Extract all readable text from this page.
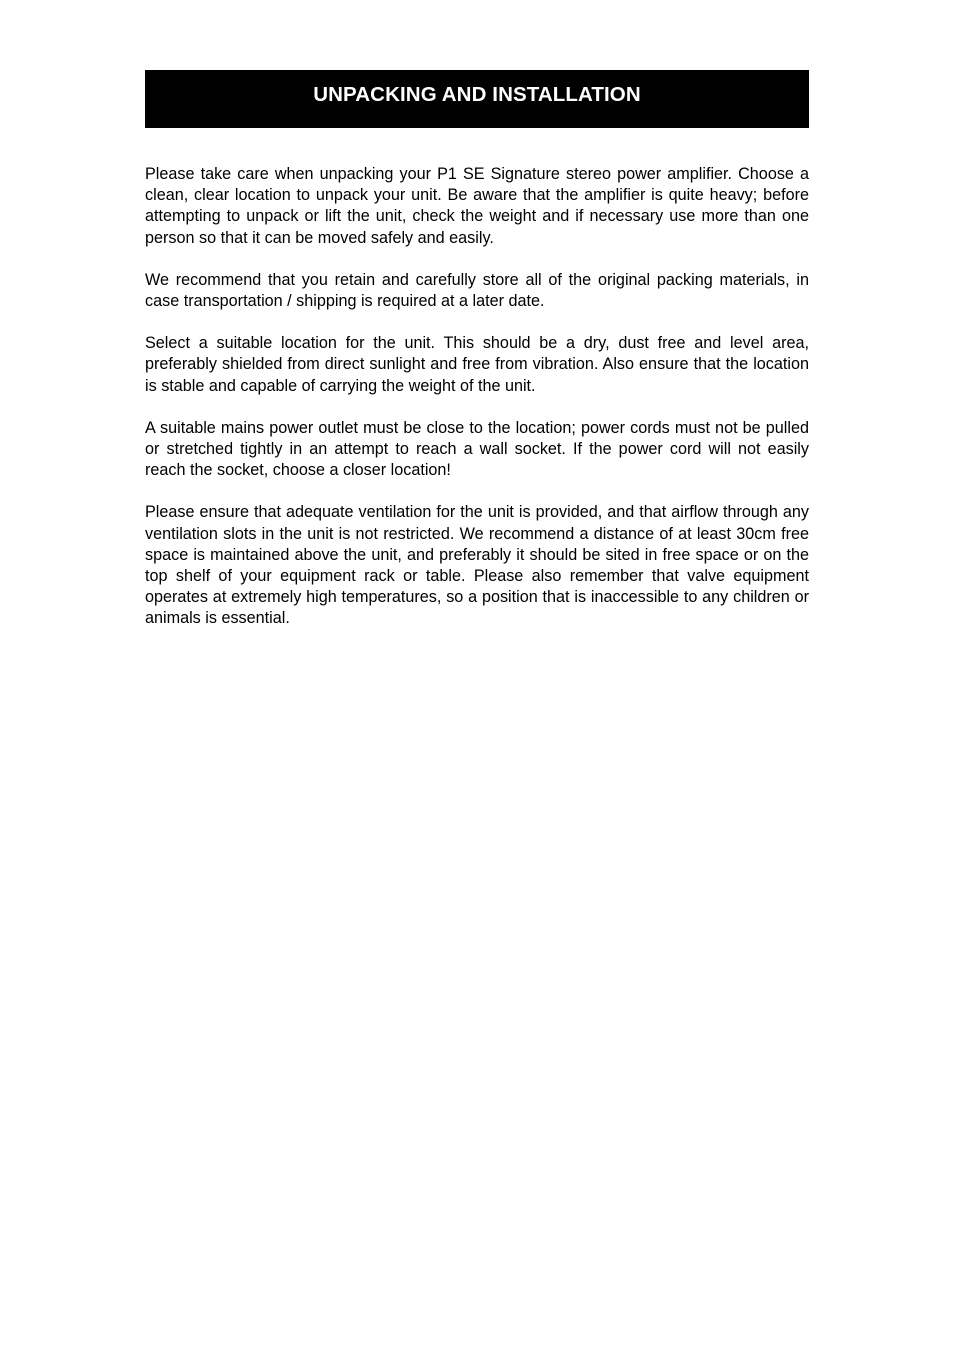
UNPACKING AND INSTALLATION

Please take care when unpacking your P1 SE Signature stereo power amplifier. Choose a clean, clear location to unpack your unit. Be aware that the amplifier is quite heavy; before attempting to unpack or lift the unit, check the weight and if necessary use more than one person so that it can be moved safely and easily.

We recommend that you retain and carefully store all of the original packing materials, in case transportation / shipping is required at a later date.

Select a suitable location for the unit. This should be a dry, dust free and level area, preferably shielded from direct sunlight and free from vibration. Also ensure that the location is stable and capable of carrying the weight of the unit.

A suitable mains power outlet must be close to the location; power cords must not be pulled or stretched tightly in an attempt to reach a wall socket. If the power cord will not easily reach the socket, choose a closer location!

Please ensure that adequate ventilation for the unit is provided, and that airflow through any ventilation slots in the unit is not restricted. We recommend a distance of at least 30cm free space is maintained above the unit, and preferably it should be sited in free space or on the top shelf of your equipment rack or table. Please also remember that valve equipment operates at extremely high temperatures, so a position that is inaccessible to any children or animals is essential.
